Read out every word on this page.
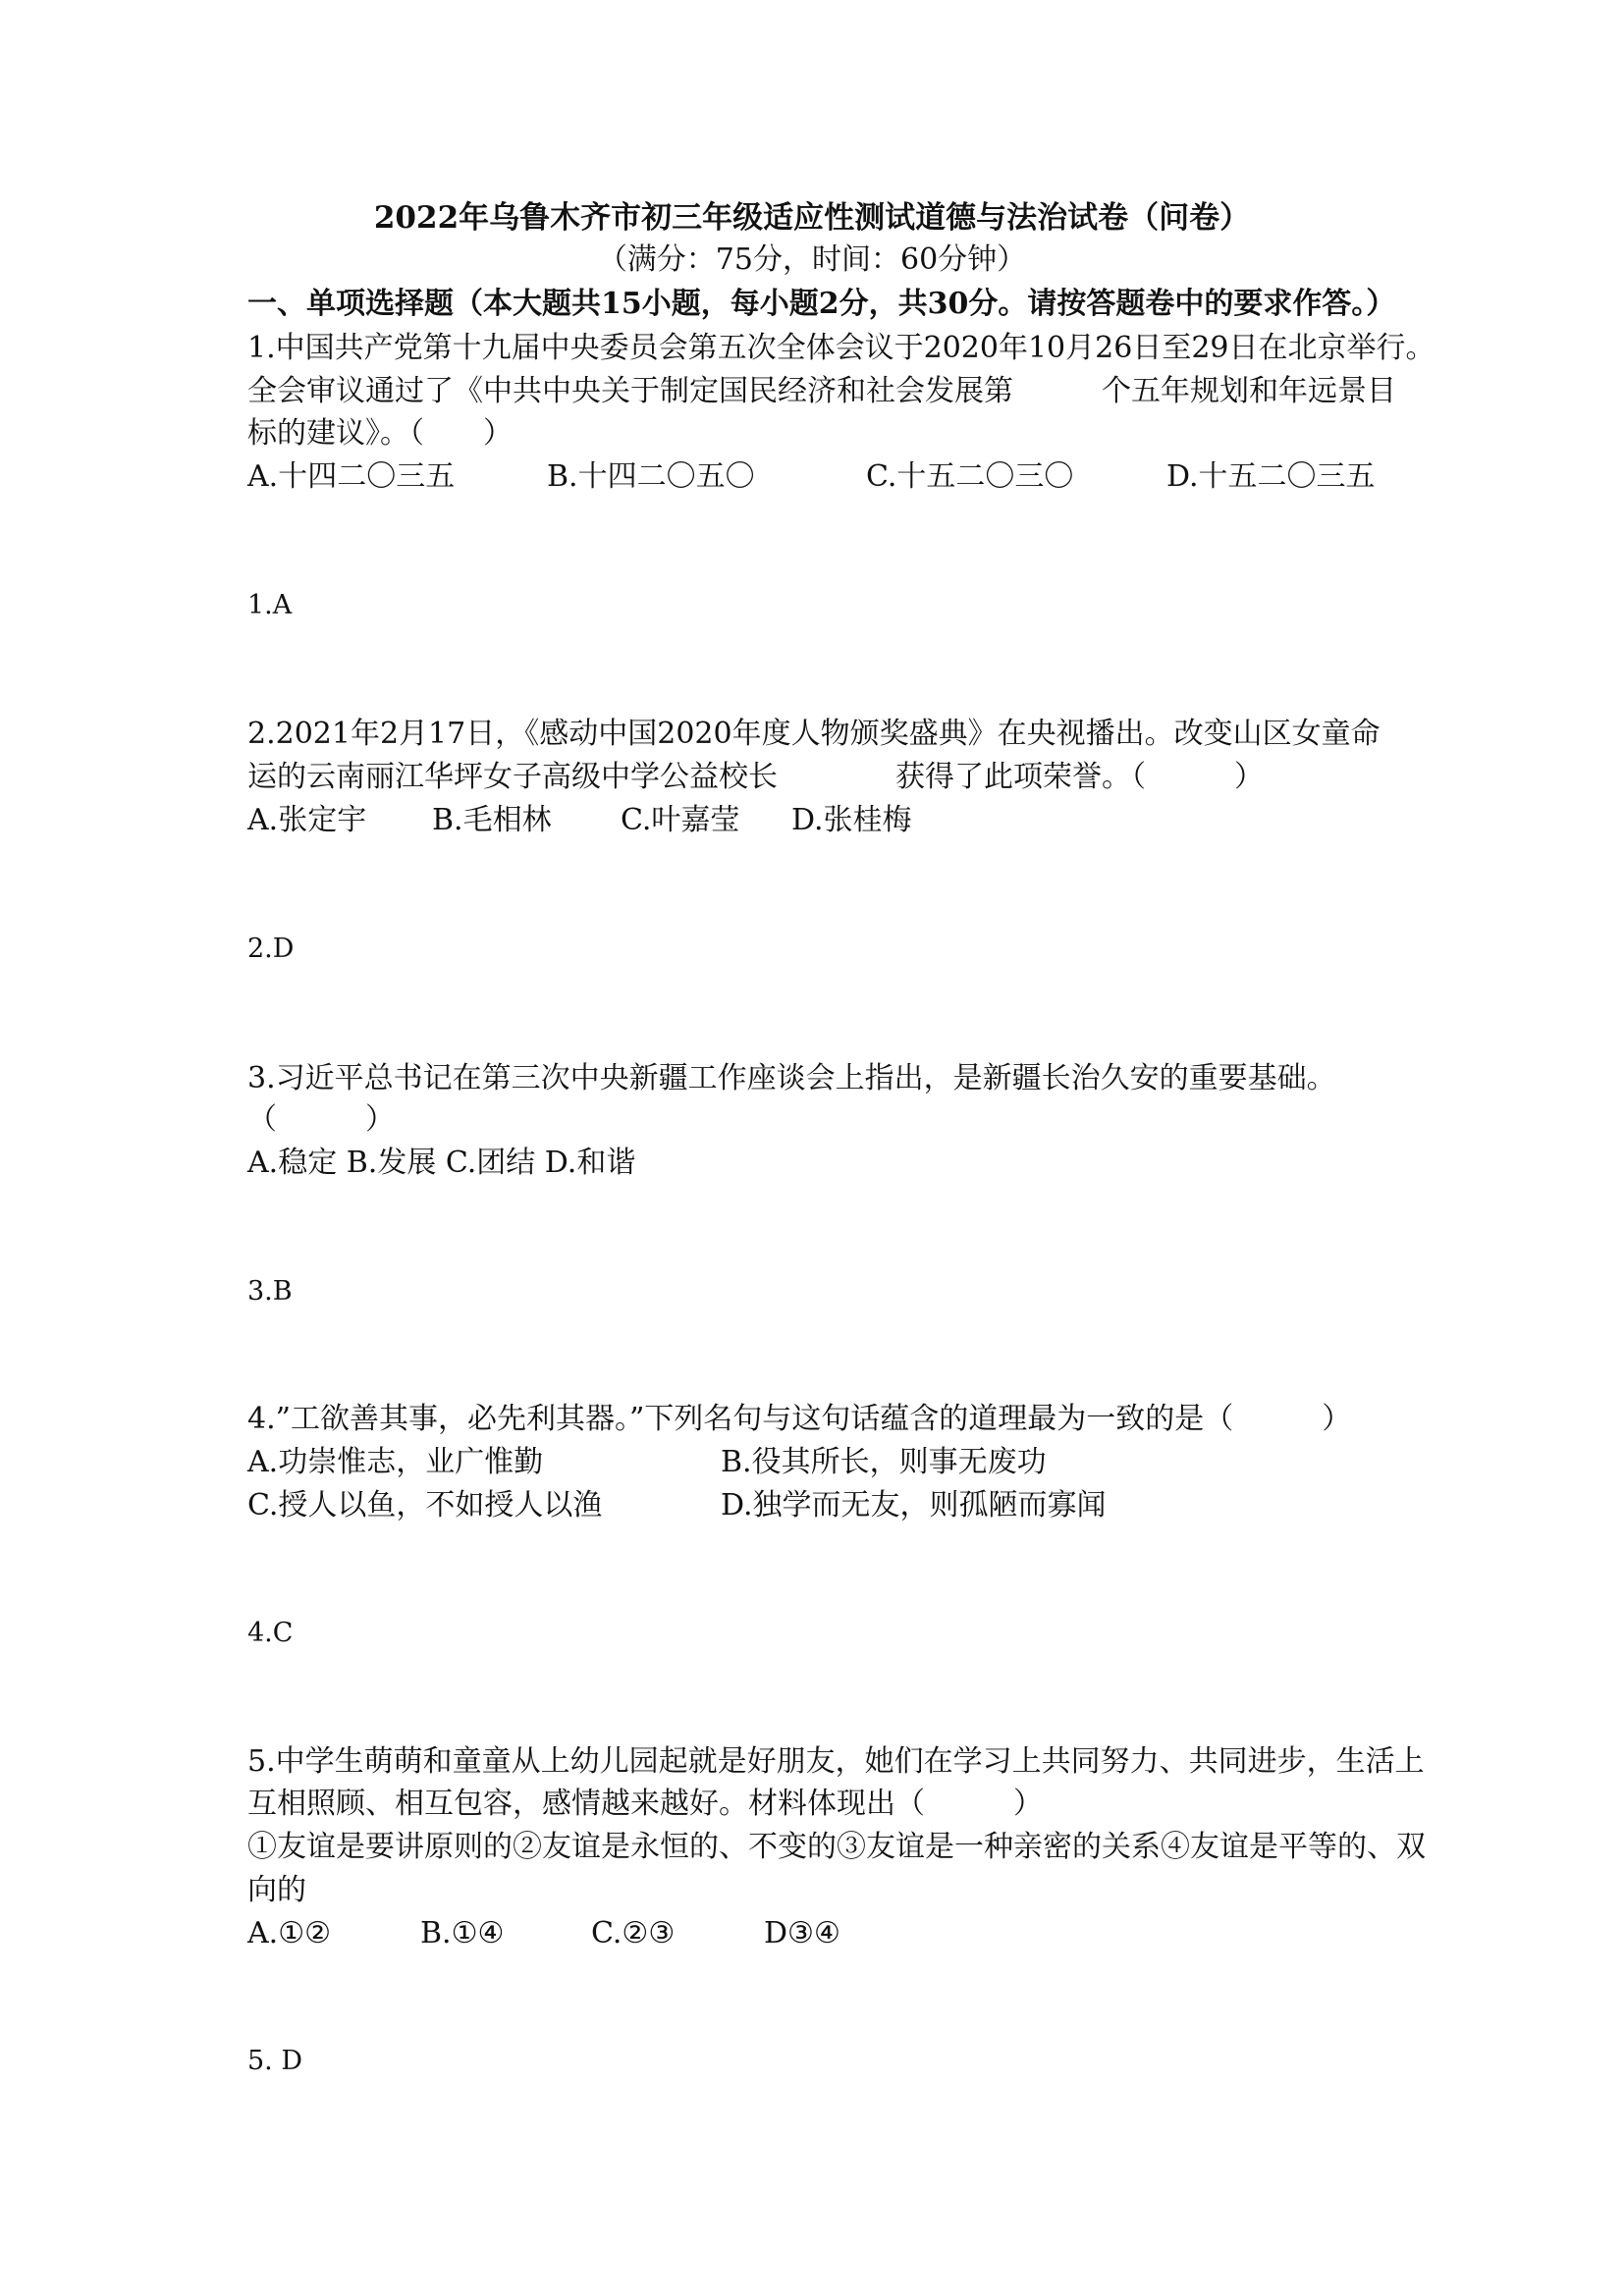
2022年乌鲁木齐市初三年级适应性测试道德与法治试卷（问卷）
（满分：75分，时间：60分钟）
一、单项选择题（本大题共15小题，每小题2分，共30分。请按答题卷中的要求作答。）
1.中国共产党第十九届中央委员会第五次全体会议于2020年10月26日至29日在北京举行。
全会审议通过了《中共中央关于制定国民经济和社会发展第　　　个五年规划和年远景目
标的建议》。（　　）
A.十四二〇三五	B.十四二〇五〇	C.十五二〇三〇	D.十五二〇三五
1.A
2.2021年2月17日，《感动中国2020年度人物颁奖盛典》在央视播出。改变山区女童命
运的云南丽江华坪女子高级中学公益校长　　　　获得了此项荣誉。（　　　）
A.张定宇 B.毛相林 C.叶嘉莹 D.张桂梅
2.D
3.习近平总书记在第三次中央新疆工作座谈会上指出，是新疆长治久安的重要基础。
（　　　）
A.稳定 B.发展 C.团结 D.和谐
3.B
4.”工欲善其事，必先利其器。”下列名句与这句话蕴含的道理最为一致的是（　　　）
A.功崇惟志，业广惟勤	B.役其所长，则事无废功
C.授人以鱼，不如授人以渔	D.独学而无友，则孤陋而寡闻
4.C
5.中学生萌萌和童童从上幼儿园起就是好朋友，她们在学习上共同努力、共同进步，生活上
互相照顾、相互包容，感情越来越好。材料体现出（　　　）
①友谊是要讲原则的②友谊是永恒的、不变的③友谊是一种亲密的关系④友谊是平等的、双
向的
A.①②	B.①④	C.②③	D③④
5. D
